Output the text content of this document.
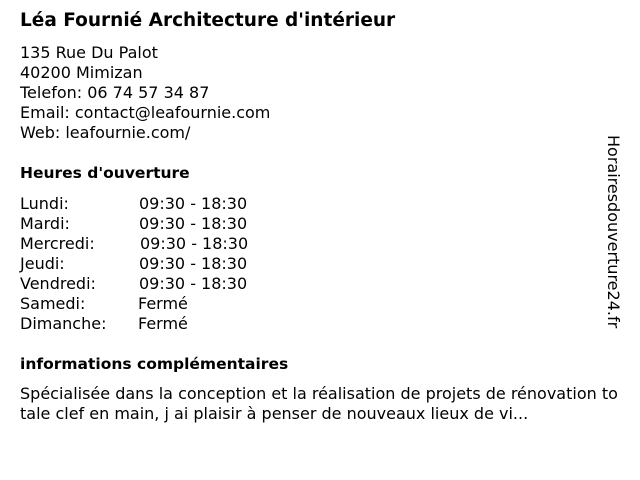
Léa Fournié Architecture d'intérieur
135 Rue Du Palot
40200 Mimizan
Telefon: 06 74 57 34 87
Email: contact@leafournie.com
Web: leafournie.com/
Heures d'ouverture
Lundi:	09:30 - 18:30
Mardi:	09:30 - 18:30
Mercredi:	09:30 - 18:30
Jeudi:	09:30 - 18:30
Vendredi:	09:30 - 18:30
Samedi:	Fermé
Dimanche: Fermé
informations complémentaires
Spécialisée dans la conception et la réalisation de projets de rénovation totale clef en main, j ai plaisir à penser de nouveaux lieux de vi...
Horairesdouverture24.fr
